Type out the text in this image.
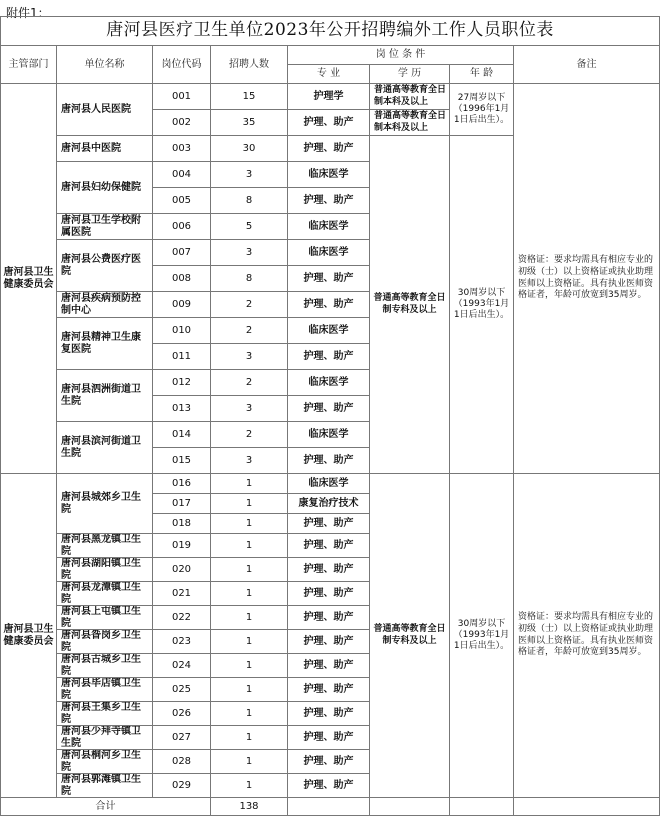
附件1：
唐河县医疗卫生单位2023年公开招聘编外工作人员职位表							
主管部门	单位名称	岗位代码	招聘人数	岗 位 条 件			备注
				专 业	学 历	年 龄	
唐河县卫生健康委员会	唐河县人民医院	001	15	护理学	普通高等教育全日制本科及以上	27周岁以下（1996年1月1日后出生）。	资格证：要求均需具有相应专业的初级（士）以上资格证或执业助理医师以上资格证。具有执业医师资格证者，年龄可放宽到35周岁。
		002	35	护理、助产	普通高等教育全日制本科及以上		
	唐河县中医院	003	30	护理、助产	普通高等教育全日制专科及以上	30周岁以下（1993年1月1日后出生）。	
	唐河县妇幼保健院	004	3	临床医学			
		005	8	护理、助产			
	唐河县卫生学校附属医院	006	5	临床医学			
	唐河县公费医疗医院	007	3	临床医学			
		008	8	护理、助产			
	唐河县疾病预防控制中心	009	2	护理、助产			
	唐河县精神卫生康复医院	010	2	临床医学			
		011	3	护理、助产			
	唐河县泗洲街道卫生院	012	2	临床医学			
		013	3	护理、助产			
	唐河县滨河街道卫生院	014	2	临床医学			
		015	3	护理、助产			
唐河县卫生健康委员会	唐河县城郊乡卫生院	016	1	临床医学	普通高等教育全日制专科及以上	30周岁以下（1993年1月1日后出生）。	资格证：要求均需具有相应专业的初级（士）以上资格证或执业助理医师以上资格证。具有执业医师资格证者，年龄可放宽到35周岁。
		017	1	康复治疗技术			
		018	1	护理、助产			
	唐河县黑龙镇卫生院	019	1	护理、助产			
	唐河县湖阳镇卫生院	020	1	护理、助产			
	唐河县龙潭镇卫生院	021	1	护理、助产			
	唐河县上屯镇卫生院	022	1	护理、助产			
	唐河县昝岗乡卫生院	023	1	护理、助产			
	唐河县古城乡卫生院	024	1	护理、助产			
	唐河县毕店镇卫生院	025	1	护理、助产			
	唐河县王集乡卫生院	026	1	护理、助产			
	唐河县少拜寺镇卫生院	027	1	护理、助产			
	唐河县桐河乡卫生院	028	1	护理、助产			
	唐河县郭滩镇卫生院	029	1	护理、助产			
合计			138				
